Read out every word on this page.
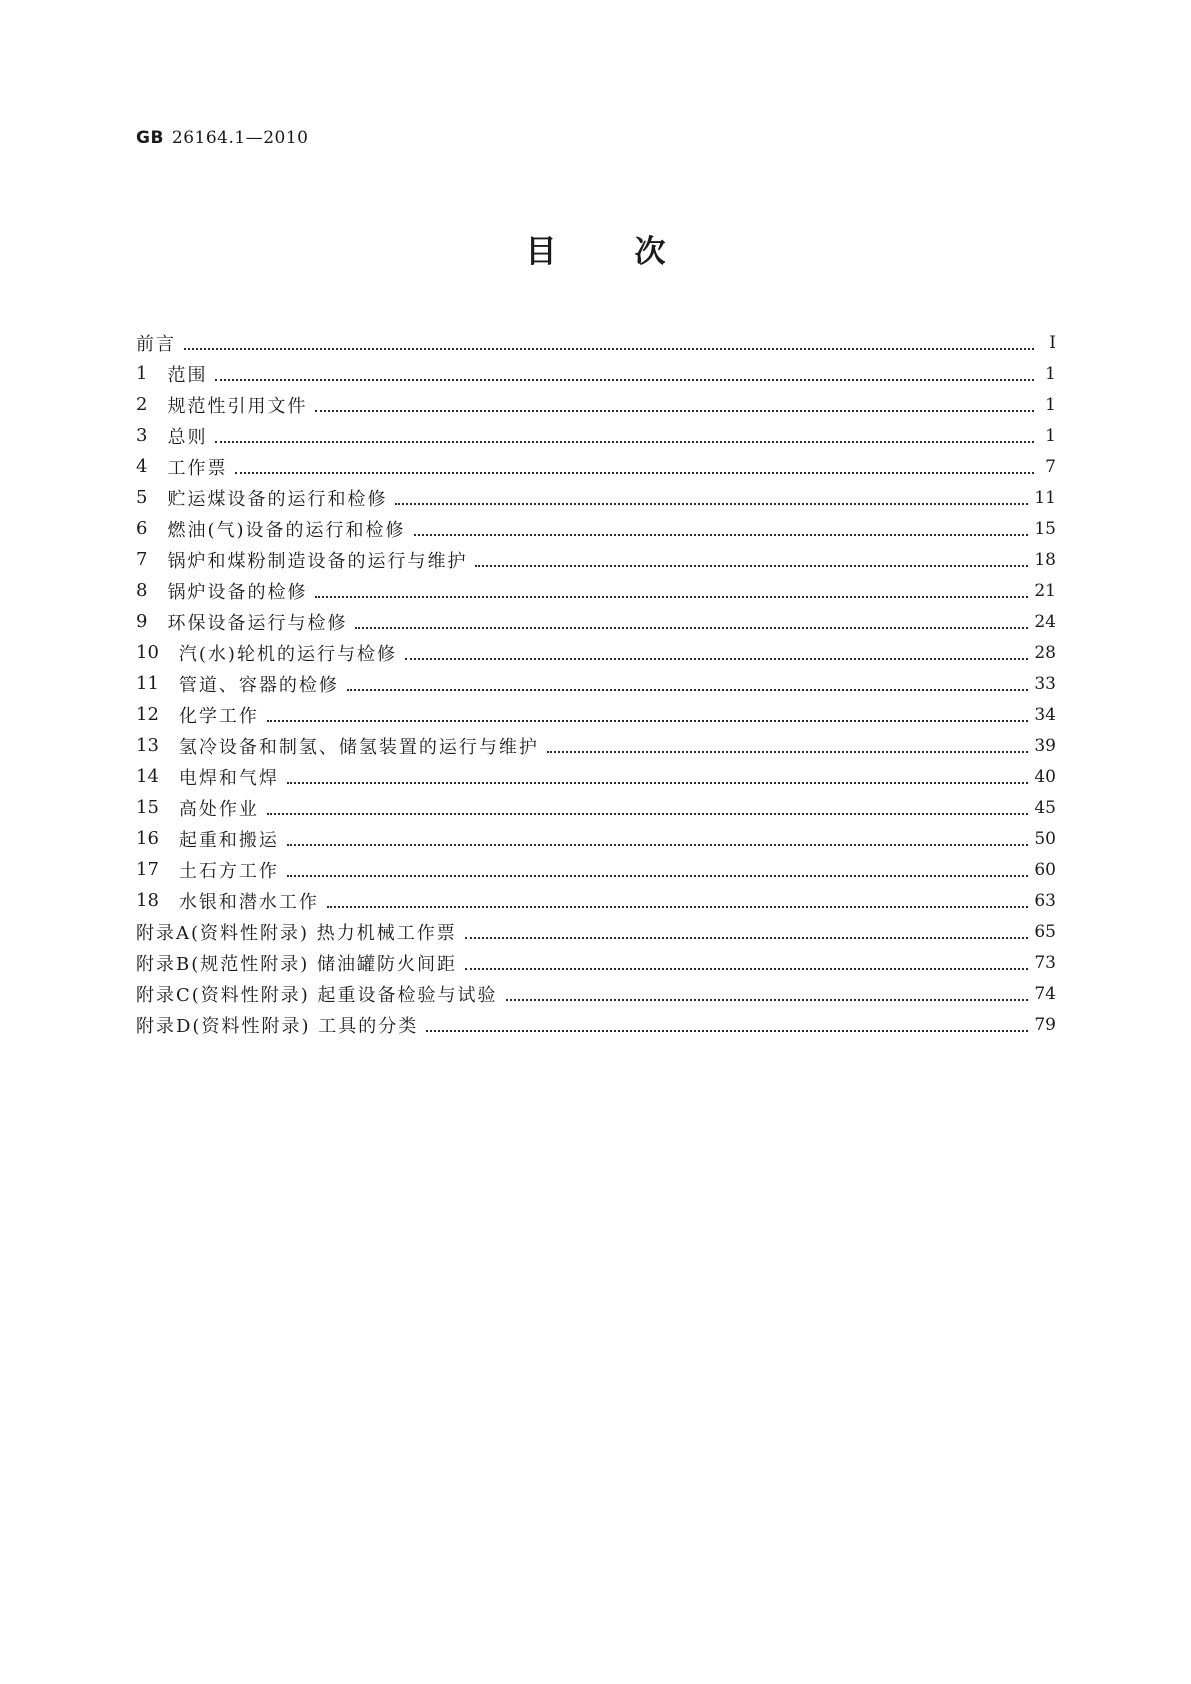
GB 26164.1—2010
目次
前言	Ⅰ
1 范围	1
2 规范性引用文件	1
3 总则	1
4 工作票	7
5 贮运煤设备的运行和检修	11
6 燃油(气)设备的运行和检修	15
7 锅炉和煤粉制造设备的运行与维护	18
8 锅炉设备的检修	21
9 环保设备运行与检修	24
10 汽(水)轮机的运行与检修	28
11 管道、容器的检修	33
12 化学工作	34
13 氢冷设备和制氢、储氢装置的运行与维护	39
14 电焊和气焊	40
15 高处作业	45
16 起重和搬运	50
17 土石方工作	60
18 水银和潜水工作	63
附录A(资料性附录) 热力机械工作票	65
附录B(规范性附录) 储油罐防火间距	73
附录C(资料性附录) 起重设备检验与试验	74
附录D(资料性附录) 工具的分类	79
